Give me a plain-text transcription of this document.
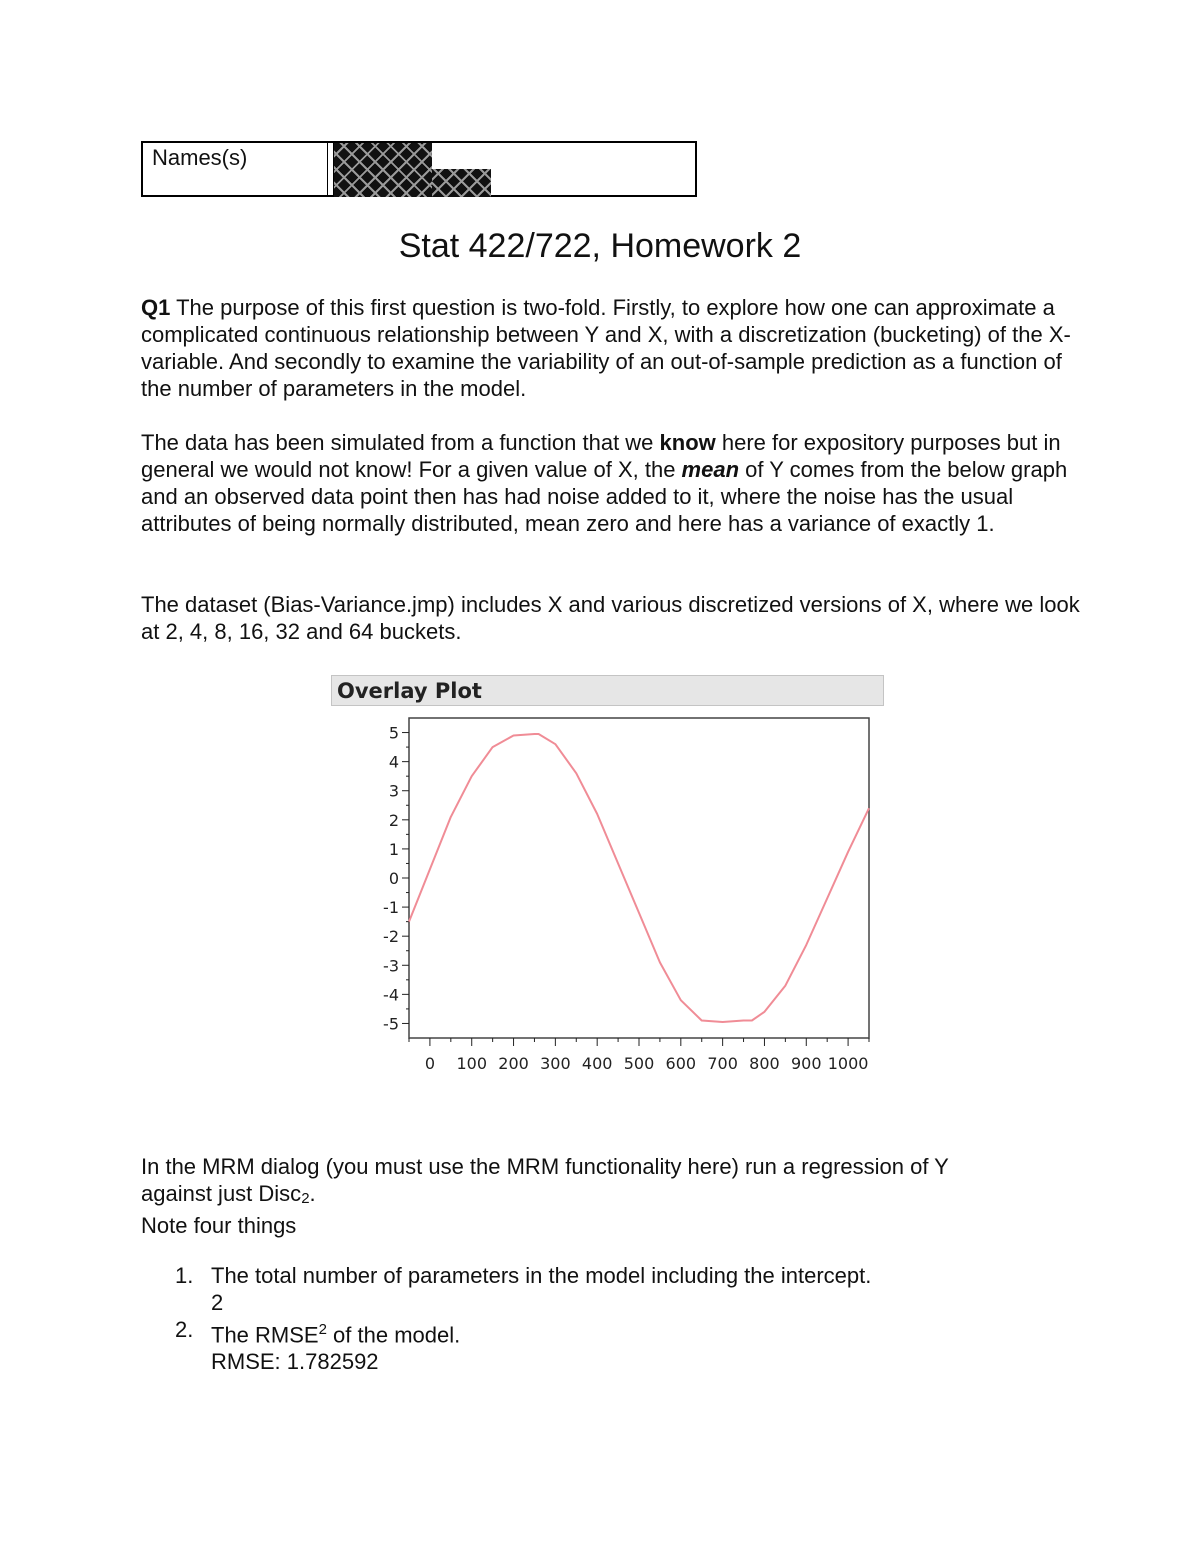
Names(s)
Stat 422/722, Homework 2

Q1 The purpose of this first question is two-fold. Firstly, to explore how one can approximate a complicated continuous relationship between Y and X, with a discretization (bucketing) of the X-variable. And secondly to examine the variability of an out-of-sample prediction as a function of the number of parameters in the model.

The data has been simulated from a function that we know here for expository purposes but in general we would not know! For a given value of X, the mean of Y comes from the below graph and an observed data point then has had noise added to it, where the noise has the usual attributes of being normally distributed, mean zero and here has a variance of exactly 1.

The dataset (Bias-Variance.jmp) includes X and various discretized versions of X, where we look at 2, 4, 8, 16, 32 and 64 buckets.

5
4
3
2
1
0
-1
-2
-3
-4
-5
0 100 200 300 400 500 600 700 800 900 1000
Overlay Plot
In the MRM dialog (you must use the MRM functionality here) run a regression of Y
against just Disc$_2$.
Note four things
1. The total number of parameters in the model including the intercept.
2
2. The RMSE$^2$ of the model.
RMSE: 1.782592
